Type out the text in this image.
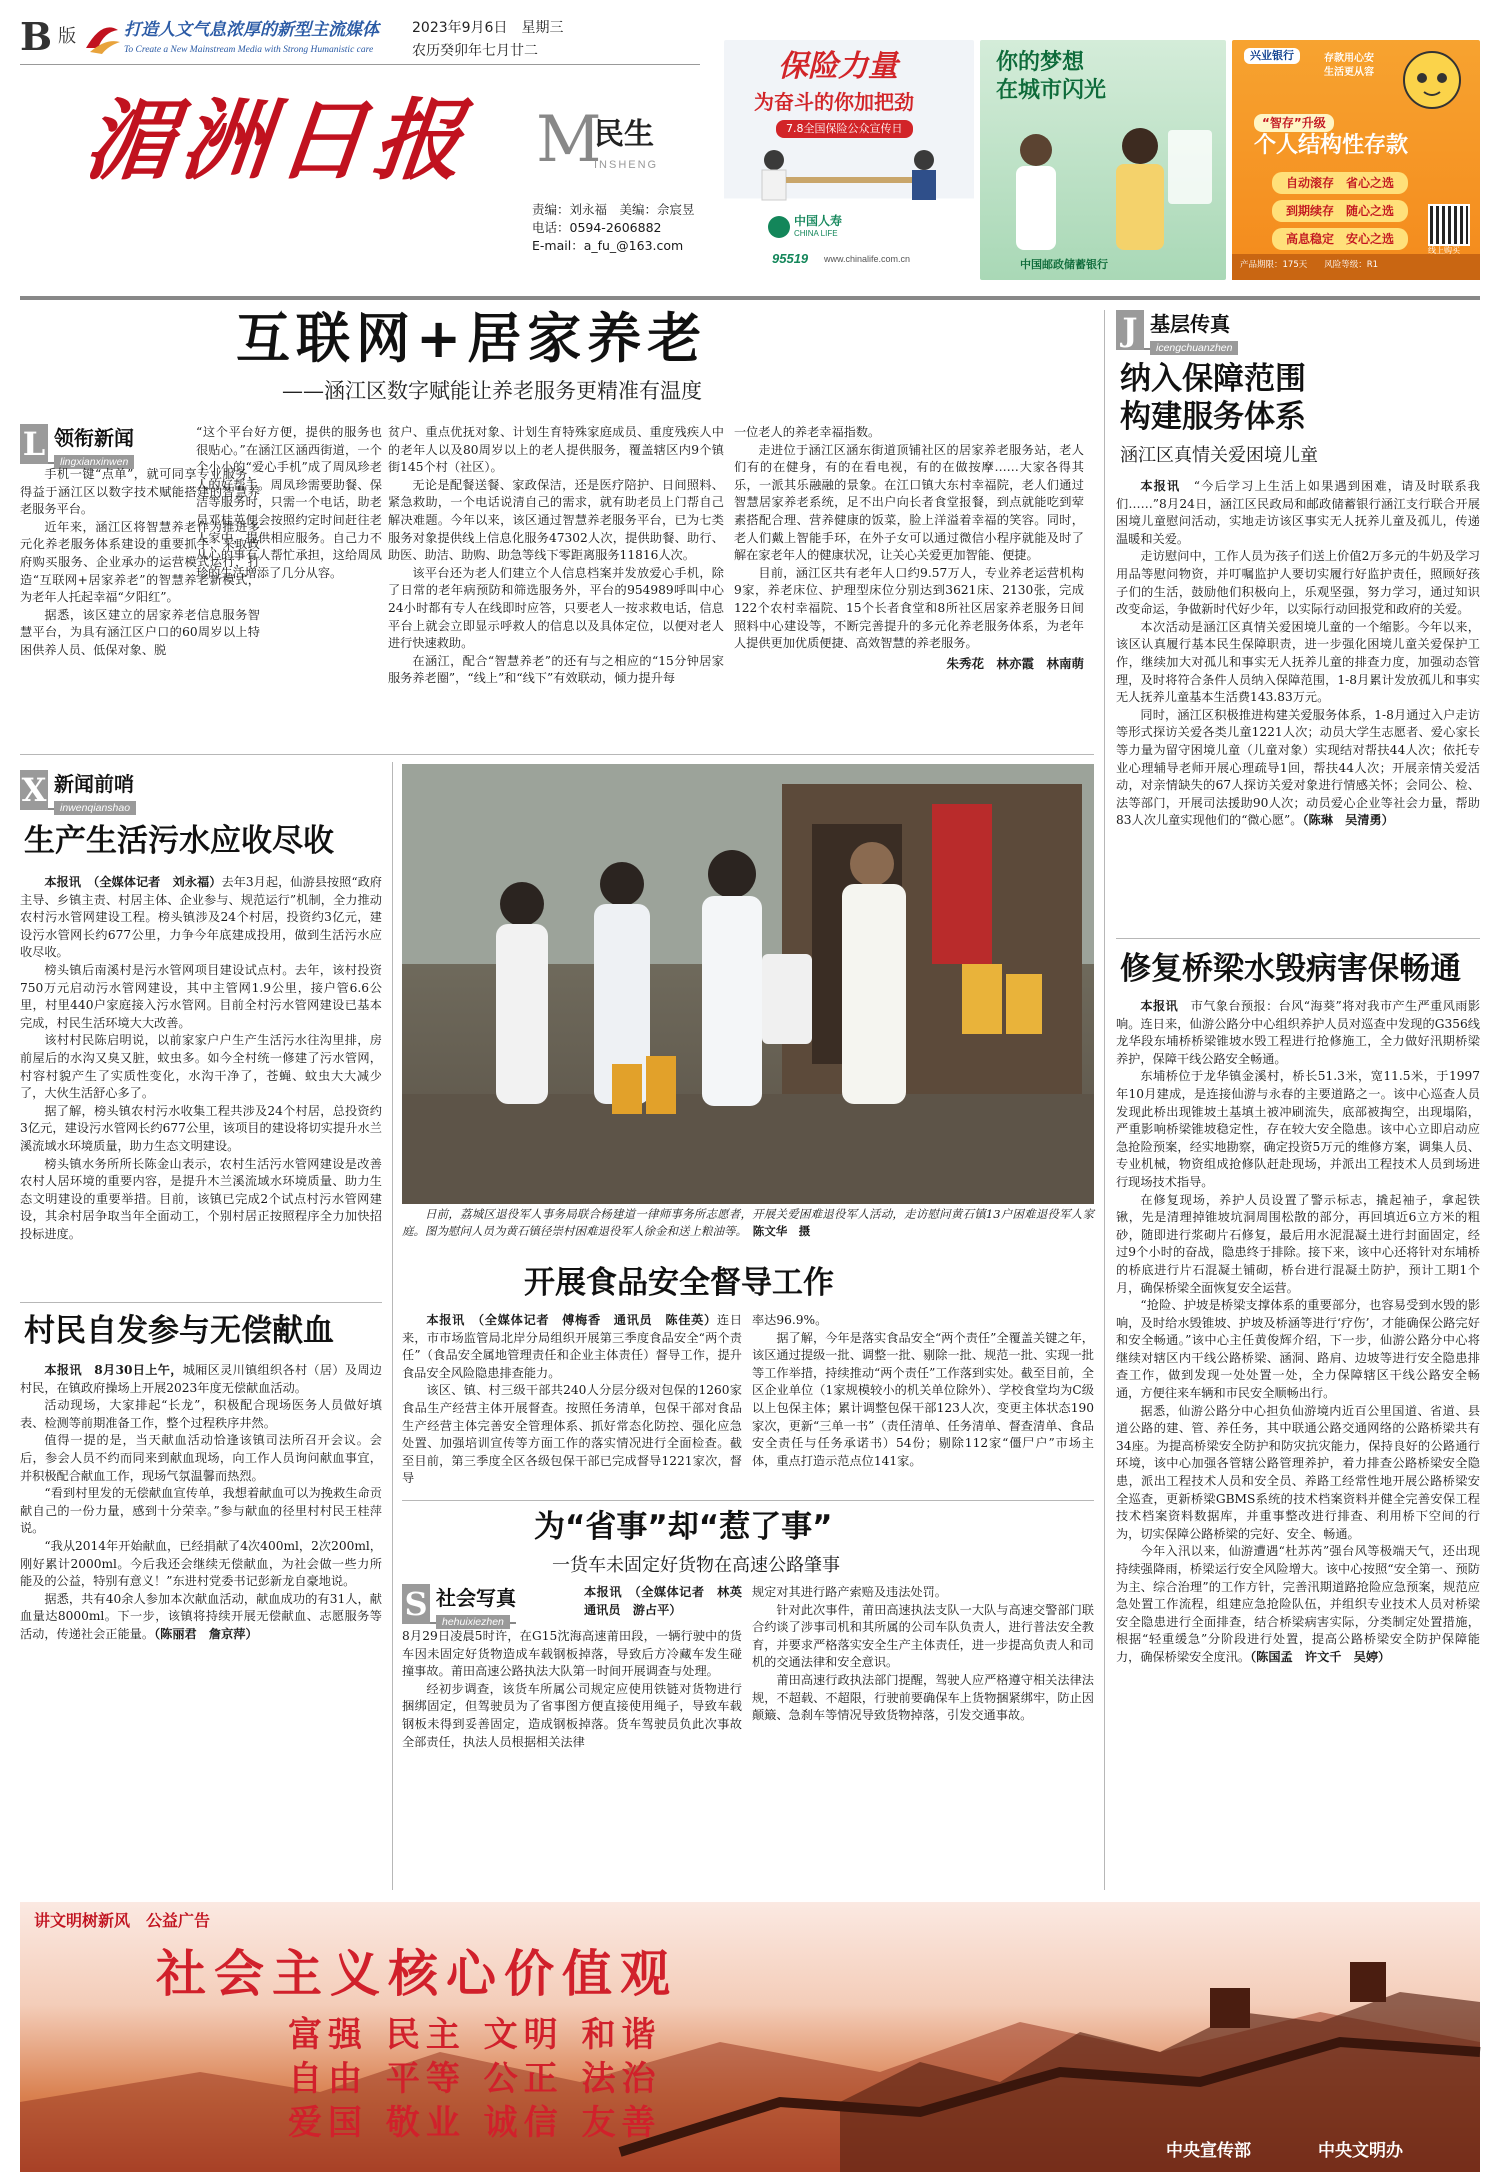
B 版	打造人文气息浓厚的新型主流媒体
To Create a New Mainstream Media with Strong Humanistic care
2023年9月6日　星期三
农历癸卯年七月廿二
湄洲日报 M
民生
INSHENG
责编：刘永福　美编：佘宸昱
电话：0594-2606882
E-mail：a_fu_@163.com
保险力量
为奋斗的你加把劲
7.8全国保险公众宣传日
中国人寿
CHINA LIFE
95519 www.chinalife.com.cn
你的梦想
在城市闪光
中国邮政储蓄银行
兴业银行	存款用心安　生活更从容
“智存”升级
个人结构性存款
自动滚存　省心之选
到期续存　随心之选
高息稳定　安心之选
产品期限：175天　　风险等级：R1
线上购买
互联网+居家养老
——涵江区数字赋能让养老服务更精准有温度
L 领衔新闻
lingxianxinwen

手机一键“点单”，就可同享专业服务，得益于涵江区以数字技术赋能搭建的智慧养老服务平台。

近年来，涵江区将智慧养老作为推进多元化养老服务体系建设的重要抓手，采取政府购买服务、企业承办的运营模式运行，打造“互联网+居家养老”的智慧养老新模式，为老年人托起幸福“夕阳红”。

据悉，该区建立的居家养老信息服务智慧平台，为具有涵江区户口的60周岁以上特困供养人员、低保对象、脱

“这个平台好方便，提供的服务也很贴心。”在涵江区涵西街道，一个个小小的“爱心手机”成了周凤珍老人的好帮手。周凤珍需要助餐、保洁等服务时，只需一个电话，助老员邓桂英便会按照约定时间赶往老人家中，提供相应服务。自己力不从心的事有人帮忙承担，这给周凤珍的生活增添了几分从容。

贫户、重点优抚对象、计划生育特殊家庭成员、重度残疾人中的老年人以及80周岁以上的老人提供服务，覆盖辖区内9个镇街145个村（社区）。

无论是配餐送餐、家政保洁，还是医疗陪护、日间照料、紧急救助，一个电话说清自己的需求，就有助老员上门帮自己解决难题。今年以来，该区通过智慧养老服务平台，已为七类服务对象提供线上信息化服务47302人次，提供助餐、助行、助医、助洁、助购、助急等线下零距离服务11816人次。

该平台还为老人们建立个人信息档案并发放爱心手机，除了日常的老年病预防和筛选服务外，平台的954989呼叫中心24小时都有专人在线即时应答，只要老人一按求救电话，信息平台上就会立即显示呼救人的信息以及具体定位，以便对老人进行快速救助。

在涵江，配合“智慧养老”的还有与之相应的“15分钟居家服务养老圈”，“线上”和“线下”有效联动，倾力提升每

一位老人的养老幸福指数。

走进位于涵江区涵东街道顶铺社区的居家养老服务站，老人们有的在健身，有的在看电视，有的在做按摩……大家各得其乐，一派其乐融融的景象。在江口镇大东村幸福院，老人们通过智慧居家养老系统，足不出户向长者食堂报餐，到点就能吃到荤素搭配合理、营养健康的饭菜，脸上洋溢着幸福的笑容。同时，老人们戴上智能手环，在外子女可以通过微信小程序就能及时了解在家老年人的健康状况，让关心关爱更加智能、便捷。

目前，涵江区共有老年人口约9.57万人，专业养老运营机构9家，养老床位、护理型床位分别达到3621床、2130张，完成122个农村幸福院、15个长者食堂和8所社区居家养老服务日间照料中心建设等，不断完善提升的多元化养老服务体系，为老年人提供更加优质便捷、高效智慧的养老服务。

朱秀花　林亦霞　林南萌

X 新闻前哨
inwenqianshao
生产生活污水应收尽收

本报讯　（全媒体记者　刘永福）去年3月起，仙游县按照“政府主导、乡镇主责、村居主体、企业参与、规范运行”机制，全力推动农村污水管网建设工程。榜头镇涉及24个村居，投资约3亿元，建设污水管网长约677公里，力争今年底建成投用，做到生活污水应收尽收。

榜头镇后南溪村是污水管网项目建设试点村。去年，该村投资750万元启动污水管网建设，其中主管网1.9公里，接户管6.6公里，村里440户家庭接入污水管网。目前全村污水管网建设已基本完成，村民生活环境大大改善。

该村村民陈启明说，以前家家户户生产生活污水往沟里排，房前屋后的水沟又臭又脏，蚊虫多。如今全村统一修建了污水管网，村容村貌产生了实质性变化，水沟干净了，苍蝇、蚊虫大大减少了，大伙生活舒心多了。

据了解，榜头镇农村污水收集工程共涉及24个村居，总投资约3亿元，建设污水管网长约677公里，该项目的建设将切实提升水兰溪流域水环境质量，助力生态文明建设。

榜头镇水务所所长陈金山表示，农村生活污水管网建设是改善农村人居环境的重要内容，是提升木兰溪流域水环境质量、助力生态文明建设的重要举措。目前，该镇已完成2个试点村污水管网建设，其余村居争取当年全面动工，个别村居正按照程序全力加快招投标进度。

村民自发参与无偿献血

本报讯　8月30日上午，城厢区灵川镇组织各村（居）及周边村民，在镇政府操场上开展2023年度无偿献血活动。

活动现场，大家排起“长龙”，积极配合现场医务人员做好填表、检测等前期准备工作，整个过程秩序井然。

值得一提的是，当天献血活动恰逢该镇司法所召开会议。会后，参会人员不约而同来到献血现场，向工作人员询问献血事宜，并积极配合献血工作，现场气氛温馨而热烈。

“看到村里发的无偿献血宣传单，我想着献血可以为挽救生命贡献自己的一份力量，感到十分荣幸。”参与献血的径里村村民王桂萍说。

“我从2014年开始献血，已经捐献了4次400ml，2次200ml，刚好累计2000ml。今后我还会继续无偿献血，为社会做一些力所能及的公益，特别有意义！”东进村党委书记彭新龙自豪地说。

据悉，共有40余人参加本次献血活动，献血成功的有31人，献血量达8000ml。下一步，该镇将持续开展无偿献血、志愿服务等活动，传递社会正能量。（陈丽君　詹京萍）

日前，荔城区退役军人事务局联合杨建道一律师事务所志愿者，开展关爱困难退役军人活动，走访慰问黄石镇13户困难退役军人家庭。图为慰问人员为黄石镇径崇村困难退役军人徐金和送上粮油等。　 陈文华　摄

开展食品安全督导工作

本报讯　（全媒体记者　傅梅香　通讯员　陈佳英）连日来，市市场监管局北岸分局组织开展第三季度食品安全“两个责任”（食品安全属地管理责任和企业主体责任）督导工作，提升食品安全风险隐患排查能力。

该区、镇、村三级干部共240人分层分级对包保的1260家食品生产经营主体开展督查。按照任务清单，包保干部对食品生产经营主体完善安全管理体系、抓好常态化防控、强化应急处置、加强培训宣传等方面工作的落实情况进行全面检查。截至目前，第三季度全区各级包保干部已完成督导1221家次，督导

率达96.9%。

据了解，今年是落实食品安全“两个责任”全覆盖关键之年，该区通过提级一批、调整一批、剔除一批、规范一批、实现一批等工作举措，持续推动“两个责任”工作落到实处。截至目前，全区企业单位（1家规模较小的机关单位除外）、学校食堂均为C级以上包保主体；累计调整包保干部123人次，变更主体状态190家次，更新“三单一书”（责任清单、任务清单、督查清单、食品安全责任与任务承诺书）54份；剔除112家“僵尸户”市场主体，重点打造示范点位141家。

为“省事”却“惹了事”
一货车未固定好货物在高速公路肇事
S 社会写真
hehuixiezhen
本报讯　（全媒体记者　林英　通讯员　游占平）

8月29日凌晨5时许，在G15沈海高速莆田段，一辆行驶中的货车因未固定好货物造成车载钢板掉落，导致后方冷藏车发生碰撞事故。莆田高速公路执法大队第一时间开展调查与处理。

经初步调查，该货车所属公司规定应使用铁链对货物进行捆绑固定，但驾驶员为了省事图方便直接使用绳子，导致车载钢板未得到妥善固定，造成钢板掉落。货车驾驶员负此次事故全部责任，执法人员根据相关法律

规定对其进行路产索赔及违法处罚。

针对此次事件，莆田高速执法支队一大队与高速交警部门联合约谈了涉事司机和其所属的公司车队负责人，进行普法安全教育，并要求严格落实安全生产主体责任，进一步提高负责人和司机的交通法律和安全意识。

莆田高速行政执法部门提醒，驾驶人应严格遵守相关法律法规，不超载、不超限，行驶前要确保车上货物捆紧绑牢，防止因颠簸、急刹车等情况导致货物掉落，引发交通事故。

J 基层传真
icengchuanzhen
纳入保障范围
构建服务体系
涵江区真情关爱困境儿童

本报讯　“今后学习上生活上如果遇到困难，请及时联系我们……”8月24日，涵江区民政局和邮政储蓄银行涵江支行联合开展困境儿童慰问活动，实地走访该区事实无人抚养儿童及孤儿，传递温暖和关爱。

走访慰问中，工作人员为孩子们送上价值2万多元的牛奶及学习用品等慰问物资，并叮嘱监护人要切实履行好监护责任，照顾好孩子们的生活，鼓励他们积极向上，乐观坚强，努力学习，通过知识改变命运，争做新时代好少年，以实际行动回报党和政府的关爱。

本次活动是涵江区真情关爱困境儿童的一个缩影。今年以来，该区认真履行基本民生保障职责，进一步强化困境儿童关爱保护工作，继续加大对孤儿和事实无人抚养儿童的排查力度，加强动态管理，及时将符合条件人员纳入保障范围，1-8月累计发放孤儿和事实无人抚养儿童基本生活费143.83万元。

同时，涵江区积极推进构建关爱服务体系，1-8月通过入户走访等形式探访关爱各类儿童1221人次；动员大学生志愿者、爱心家长等力量为留守困境儿童（儿童对象）实现结对帮扶44人次；依托专业心理辅导老师开展心理疏导1回，帮扶44人次；开展亲情关爱活动，对亲情缺失的67人探访关爱对象进行情感关怀；会同公、检、法等部门，开展司法援助90人次；动员爱心企业等社会力量，帮助83人次儿童实现他们的“微心愿”。（陈琳　吴清勇）

修复桥梁水毁病害保畅通

本报讯　市气象台预报：台风“海葵”将对我市产生严重风雨影响。连日来，仙游公路分中心组织养护人员对巡查中发现的G356线龙华段东埔桥桥梁锥坡水毁工程进行抢修施工，全力做好汛期桥梁养护，保障干线公路安全畅通。

东埔桥位于龙华镇金溪村，桥长51.3米，宽11.5米，于1997年10月建成，是连接仙游与永春的主要道路之一。该中心巡查人员发现此桥出现锥坡土基填土被冲刷流失，底部被掏空，出现塌陷，严重影响桥梁锥坡稳定性，存在较大安全隐患。该中心立即启动应急抢险预案，经实地勘察，确定投资5万元的维修方案，调集人员、专业机械，物资组成抢修队赶赴现场，并派出工程技术人员到场进行现场技术指导。

在修复现场，养护人员设置了警示标志，撬起袖子，拿起铁锹，先是清理掉锥坡坑洞周围松散的部分，再回填近6立方米的粗砂，随即进行浆砌片石修复，最后用水泥混凝土进行封面固定，经过9个小时的奋战，隐患终于排除。接下来，该中心还将针对东埔桥的桥底进行片石混凝土铺砌，桥台进行混凝土防护，预计工期1个月，确保桥梁全面恢复安全运营。

“抢险、护坡是桥梁支撑体系的重要部分，也容易受到水毁的影响，及时给水毁锥坡、护坡及桥涵等进行‘疗伤’，才能确保公路完好和安全畅通。”该中心主任黄俊辉介绍，下一步，仙游公路分中心将继续对辖区内干线公路桥梁、涵洞、路肩、边坡等进行安全隐患排查工作，做到发现一处处置一处，全力保障辖区干线公路安全畅通，方便往来车辆和市民安全顺畅出行。

据悉，仙游公路分中心担负仙游境内近百公里国道、省道、县道公路的建、管、养任务，其中联通公路交通网络的公路桥梁共有34座。为提高桥梁安全防护和防灾抗灾能力，保持良好的公路通行环境，该中心加强各管辖公路管理养护，着力排查公路桥梁安全隐患，派出工程技术人员和安全员、养路工经常性地开展公路桥梁安全巡查，更新桥梁GBMS系统的技术档案资料并健全完善安保工程技术档案资料数据库，并重事整改进行排查、利用桥下空间的行为，切实保障公路桥梁的完好、安全、畅通。

今年入汛以来，仙游遭遇“杜苏芮”强台风等极端天气，还出现持续强降雨，桥梁运行安全风险增大。该中心按照“安全第一、预防为主、综合治理”的工作方针，完善汛期道路抢险应急预案，规范应急处置工作流程，组建应急抢险队伍，并组织专业技术人员对桥梁安全隐患进行全面排查，结合桥梁病害实际，分类制定处置措施，根据“轻重缓急”分阶段进行处置，提高公路桥梁安全防护保障能力，确保桥梁安全度汛。（陈国孟　许文千　吴婷）

讲文明树新风　公益广告
社会主义核心价值观
富强 民主 文明 和谐
自由 平等 公正 法治
爱国 敬业 诚信 友善
中央宣传部	中央文明办
